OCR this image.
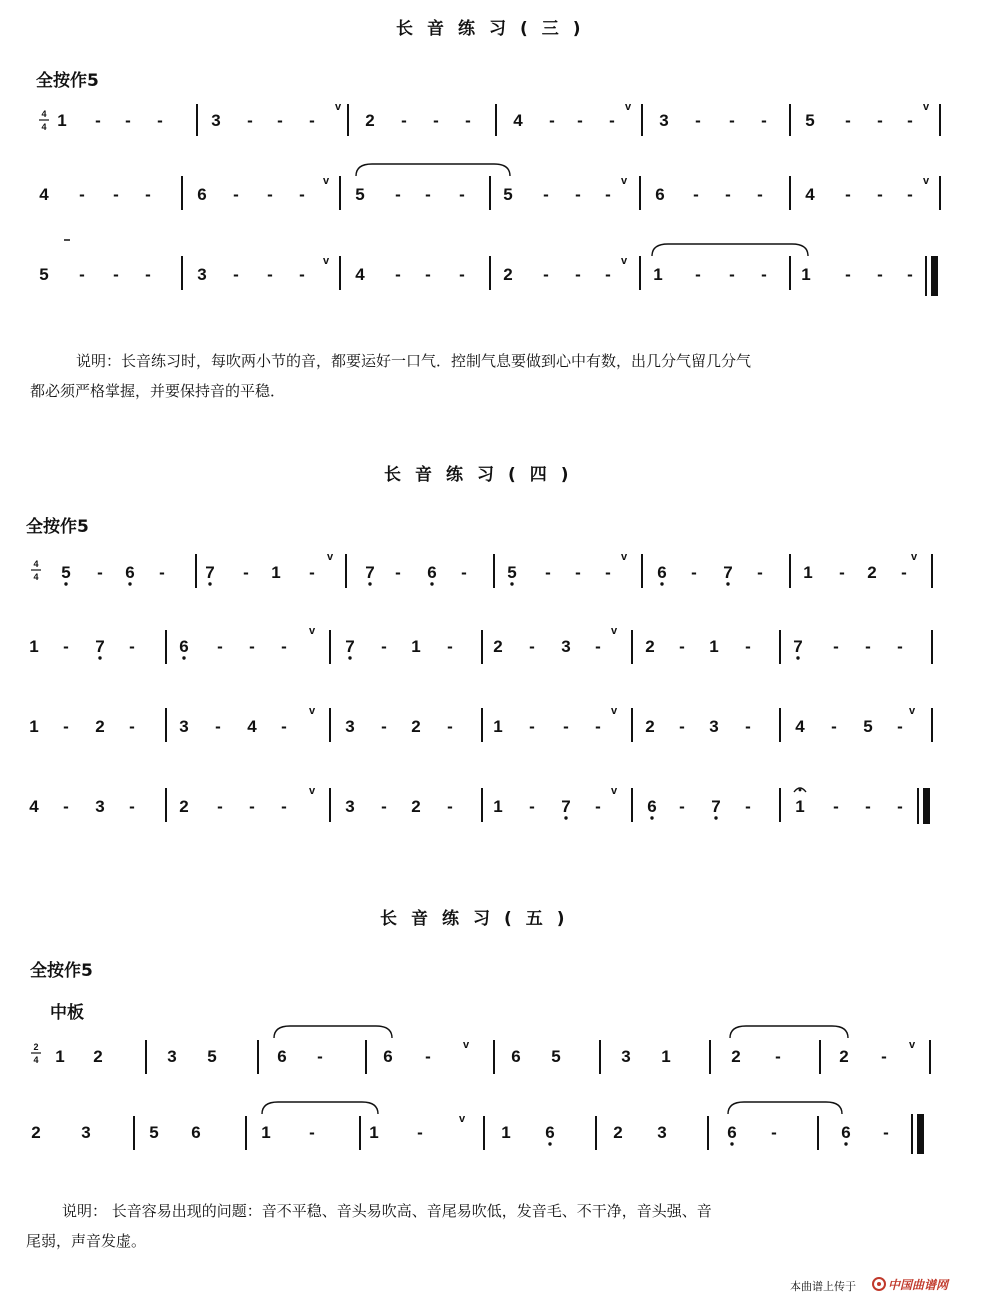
长音练习(三)
全按作5
4
4 1 - - -	3 - - -
v
2 - - - 4 - - -
v
3 - - - 5 - - -
v
4 - - -	6 - - -
v
5 - - - 5 - - -
v
6 - - - 4 - - -
v
5 - - -	3 - - -
v
4 - - - 2 - - -
v
1 - - - 1 - - -
说明：长音练习时，每吹两小节的音，都要运好一口气．控制气息要做到心中有数，出几分气留几分气
都必须严格掌握，并要保持音的平稳．
长音练习(四)
全按作5
4
4 5 - 6 - 7 - 1 -
v
7 - 6 - 5 - - -
v
6 - 7 - 1 - 2 -
v
1 - 7 -	6 - - -
v
7 - 1 - 2 - 3 -
v
2 - 1 - 7 - - -
1 - 2 -	3 - 4 -
v
3 - 2 - 1 - - -
v
2 - 3 -	4 - 5 -
v
4 - 3 -	2 - - -
v
3 - 2 - 1 - 7 -
v
6 - 7 -	1 - - -
长音练习(五)
全按作5
中板
2
4 1 2	3 5	6 -	6 -
v
6 5	3 1	2 -	2 -
v
2 3	5 6	1 -	1 -
v
1 6	2 3	6 -	6 -
说明： 长音容易出现的问题：音不平稳、音头易吹高、音尾易吹低，发音毛、不干净，音头强、音
尾弱，声音发虚。
本曲谱上传于	中国曲谱网
